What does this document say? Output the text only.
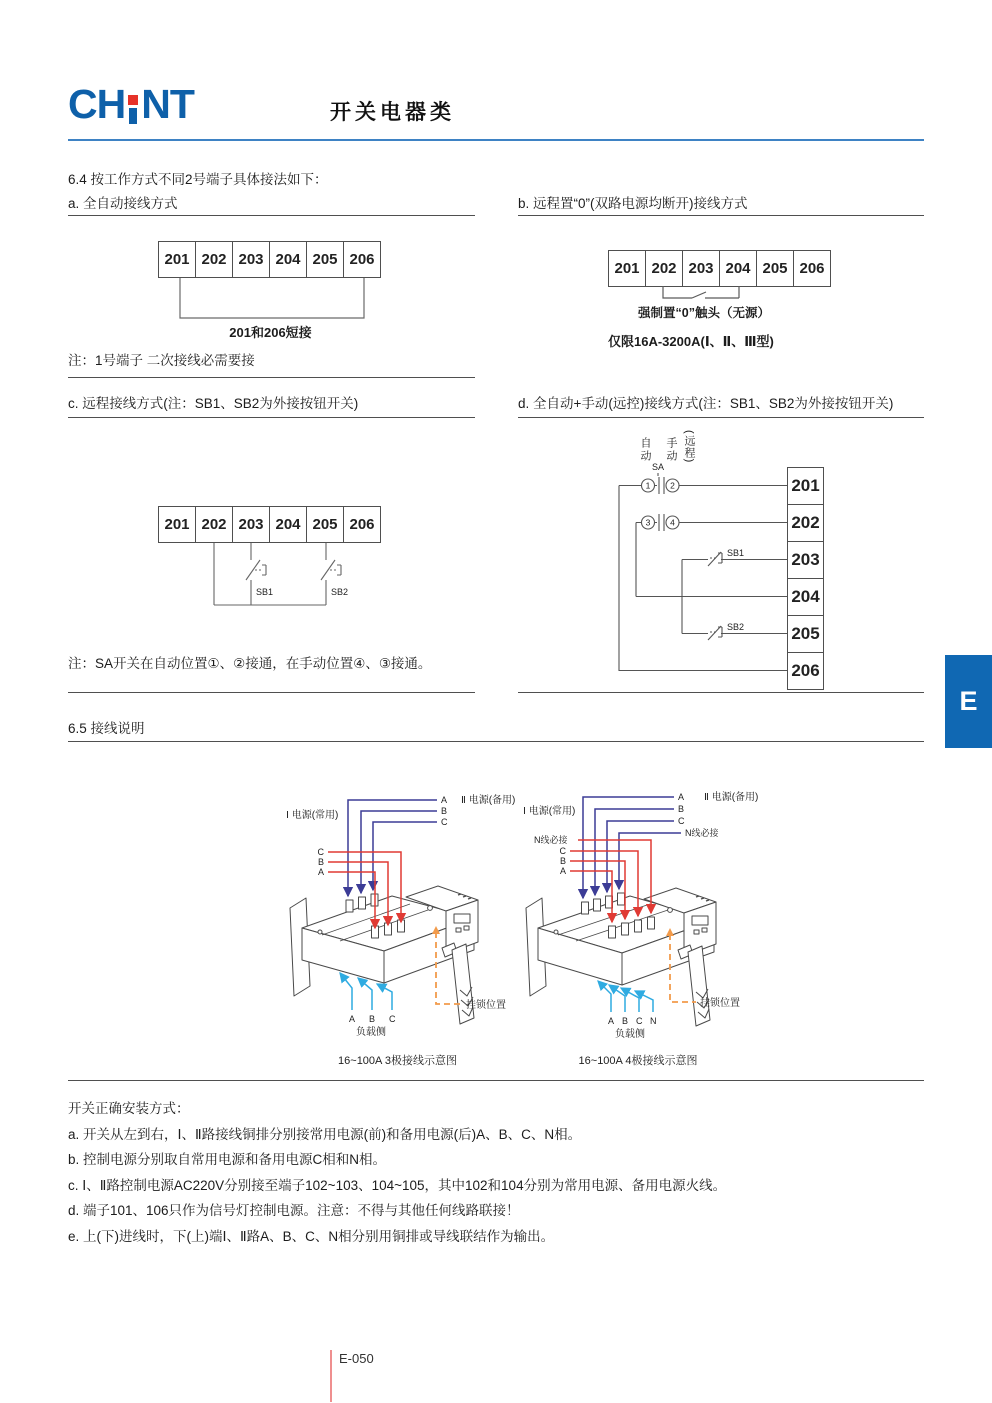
CH NT	开关电器类
6.4 按工作方式不同2号端子具体接法如下：
a. 全自动接线方式	b. 远程置“0”(双路电源均断开)接线方式
201 202 203 204 205 206
201和206短接
注：1号端子 二次接线必需要接
201 202 203 204 205 206
强制置“0”触头（无源）
仅限16A-3200A(Ⅰ、Ⅱ、Ⅲ型)
c. 远程接线方式(注：SB1、SB2为外接按钮开关)	d. 全自动+手动(远控)接线方式(注：SB1、SB2为外接按钮开关)
201 202 203 204 205 206
SB1	SB2
注：SA开关在自动位置①、②接通，在手动位置④、③接通。
自动 手动 (远程)
SA
1 2
3 4
SB1
SB2
201
202
203
204
205
206
6.5 接线说明
A
B
C
Ⅱ 电源(备用)
Ⅰ 电源(常用)
C
B
A
挂锁位置
A B C
负载侧
16~100A 3极接线示意图
A
B
C
N线必接
Ⅱ 电源(备用)
Ⅰ 电源(常用)
N线必接
C
B
A
挂锁位置
A B C N
负载侧
16~100A 4极接线示意图
开关正确安装方式：
a. 开关从左到右，Ⅰ、Ⅱ路接线铜排分别接常用电源(前)和备用电源(后)A、B、C、N相。
b. 控制电源分别取自常用电源和备用电源C相和N相。
c. Ⅰ、Ⅱ路控制电源AC220V分别接至端子102~103、104~105，其中102和104分别为常用电源、备用电源火线。
d. 端子101、106只作为信号灯控制电源。注意：不得与其他任何线路联接！
e. 上(下)进线时，下(上)端Ⅰ、Ⅱ路A、B、C、N相分别用铜排或导线联结作为输出。
E-050
E
